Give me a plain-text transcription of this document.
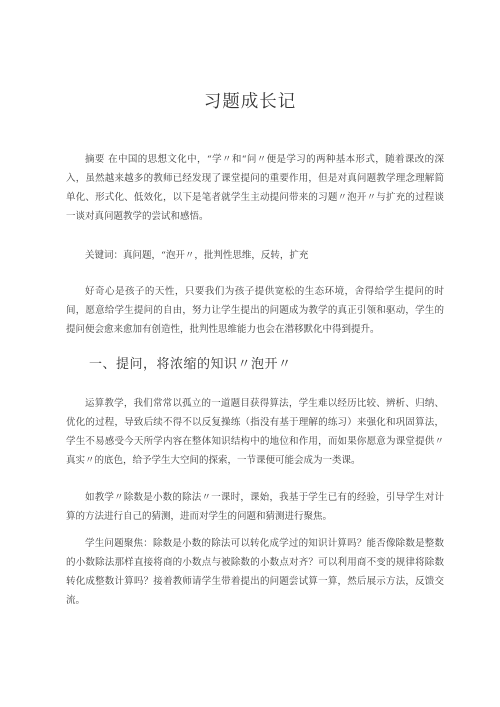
习题成长记
摘要 在中国的思想文化中，“学〃和“问〃便是学习的两种基本形式，随着课改的深入，虽然越来越多的教师已经发现了课堂提问的重要作用，但是对真问题教学理念理解简单化、形式化、低效化，以下是笔者就学生主动提问带来的习题〃泡开〃与扩充的过程谈一谈对真问题教学的尝试和感悟。
关键词：真问题，“泡开〃，批判性思维，反转，扩充
好奇心是孩子的天性，只要我们为孩子提供宽松的生态环境，舍得给学生提问的时间，愿意给学生提问的自由，努力让学生提出的问题成为教学的真正引领和驱动，学生的提问便会愈来愈加有创造性，批判性思维能力也会在潜移默化中得到提升。
一、提问，将浓缩的知识〃泡开〃
运算教学，我们常常以孤立的一道题目获得算法，学生难以经历比较、辨析、归纳、优化的过程，导致后续不得不以反复操练（指没有基于理解的练习）来强化和巩固算法，学生不易感受今天所学内容在整体知识结构中的地位和作用，而如果你愿意为课堂提供〃真实〃的底色，给予学生大空间的探索，一节课便可能会成为一类课。
如教学〃除数是小数的除法〃一课时，课始，我基于学生已有的经验，引导学生对计算的方法进行自己的猜测，进而对学生的问题和猜测进行聚焦。
学生问题聚焦：除数是小数的除法可以转化成学过的知识计算吗？能否像除数是整数的小数除法那样直接将商的小数点与被除数的小数点对齐？可以利用商不变的规律将除数转化成整数计算吗？接着教师请学生带着提出的问题尝试算一算，然后展示方法，反馈交流。
